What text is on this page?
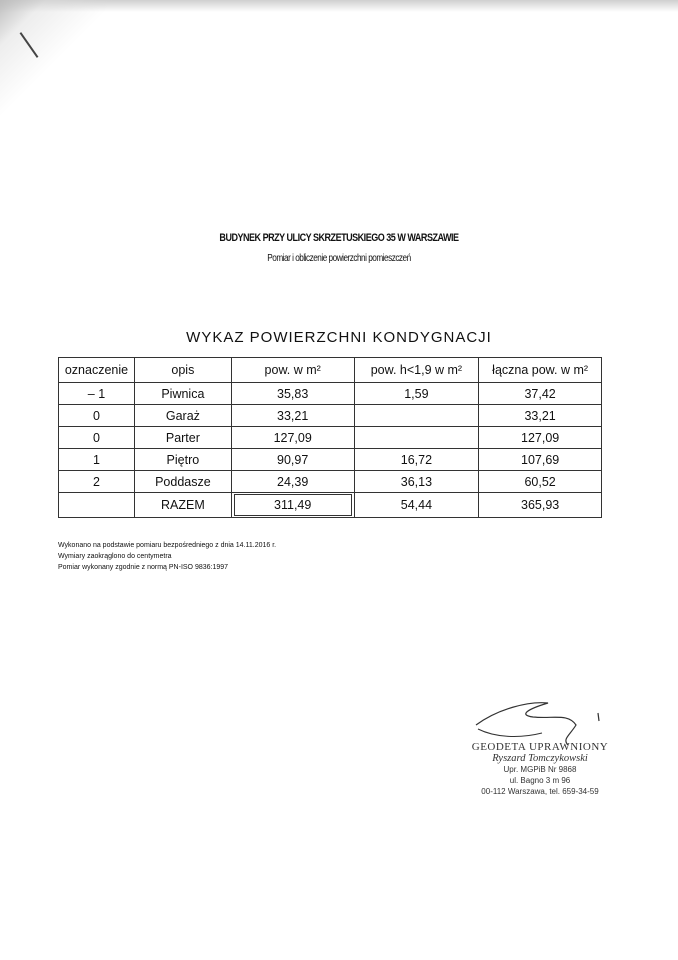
BUDYNEK PRZY ULICY SKRZETUSKIEGO 35 W WARSZAWIE
Pomiar i obliczenie powierzchni pomieszczeń
WYKAZ POWIERZCHNI KONDYGNACJI
oznaczenie	opis	pow. w m²	pow. h<1,9 w m²	łączna pow. w m²
– 1	Piwnica	35,83	1,59	37,42
0	Garaż	33,21		33,21
0	Parter	127,09		127,09
1	Piętro	90,97	16,72	107,69
2	Poddasze	24,39	36,13	60,52
	RAZEM	311,49	54,44	365,93
Wykonano na podstawie pomiaru bezpośredniego z dnia 14.11.2016 r.
Wymiary zaokrąglono do centymetra
Pomiar wykonany zgodnie z normą PN-ISO 9836:1997
GEODETA UPRAWNIONY
Ryszard Tomczykowski
Upr. MGPiB Nr 9868
ul. Bagno 3 m 96
00-112 Warszawa, tel. 659-34-59
